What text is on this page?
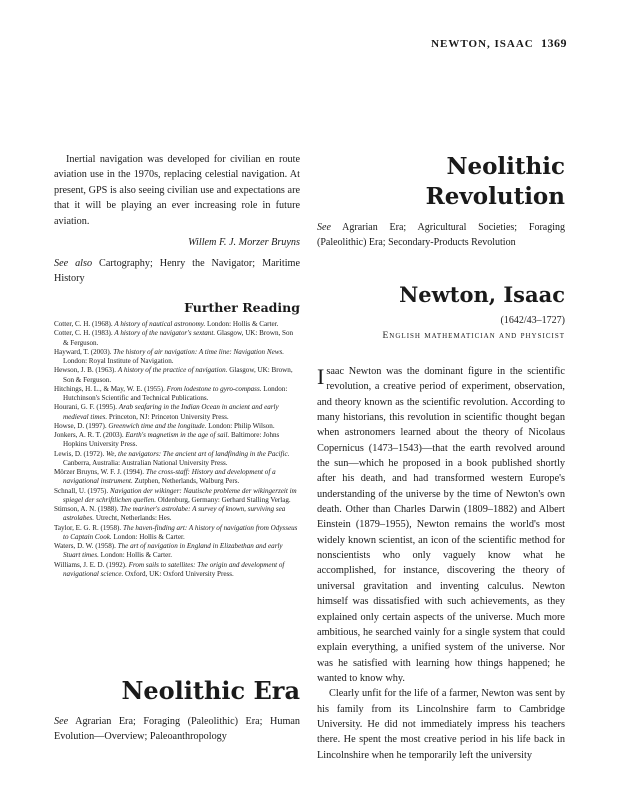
NEWTON, ISAAC 1369

Inertial navigation was developed for civilian en route aviation use in the 1970s, replacing celestial navigation. At present, GPS is also seeing civilian use and expectations are that it will be playing an ever increasing role in future aviation.

Willem F. J. Morzer Bruyns

See also Cartography; Henry the Navigator; Maritime History

Further Reading

Cotter, C. H. (1968). A history of nautical astronomy. London: Hollis & Carter.

Cotter, C. H. (1983). A history of the navigator's sextant. Glasgow, UK: Brown, Son & Ferguson.

Hayward, T. (2003). The history of air navigation: A time line: Navigation News. London: Royal Institute of Navigation.

Hewson, J. B. (1963). A history of the practice of navigation. Glasgow, UK: Brown, Son & Ferguson.

Hitchings, H. L., & May, W. E. (1955). From lodestone to gyro-compass. London: Hutchinson's Scientific and Technical Publications.

Hourani, G. F. (1995). Arab seafaring in the Indian Ocean in ancient and early medieval times. Princeton, NJ: Princeton University Press.

Howse, D. (1997). Greenwich time and the longitude. London: Philip Wilson.

Jonkers, A. R. T. (2003). Earth's magnetism in the age of sail. Baltimore: Johns Hopkins University Press.

Lewis, D. (1972). We, the navigators: The ancient art of landfinding in the Pacific. Canberra, Australia: Australian National University Press.

Mörzer Bruyns, W. F. J. (1994). The cross-staff: History and development of a navigational instrument. Zutphen, Netherlands, Walburg Pers.

Schnall, U. (1975). Navigation der wikinger: Nautische probleme der wikingerzeit im spiegel der schriftlichen quellen. Oldenburg, Germany: Gerhard Stalling Verlag.

Stimson, A. N. (1988). The mariner's astrolabe: A survey of known, surviving sea astrolabes. Utrecht, Netherlands: Hes.

Taylor, E. G. R. (1958). The haven-finding art: A history of navigation from Odysseus to Captain Cook. London: Hollis & Carter.

Waters, D. W. (1958). The art of navigation in England in Elizabethan and early Stuart times. London: Hollis & Carter.

Williams, J. E. D. (1992). From sails to satellites: The origin and development of navigational science. Oxford, UK: Oxford University Press.

Neolithic Era

See Agrarian Era; Foraging (Paleolithic) Era; Human Evolution—Overview; Paleoanthropology

Neolithic
Revolution

See Agrarian Era; Agricultural Societies; Foraging (Paleolithic) Era; Secondary-Products Revolution

Newton, Isaac
(1642/43–1727)
English mathematician and physicist

Isaac Newton was the dominant figure in the scientific revolution, a creative period of experiment, observation, and theory known as the scientific revolution. According to many historians, this revolution in scientific thought began when astronomers learned about the theory of Nicolaus Copernicus (1473–1543)—that the earth revolved around the sun—which he proposed in a book published shortly after his death, and had transformed western Europe's understanding of the universe by the time of Newton's own death. Other than Charles Darwin (1809–1882) and Albert Einstein (1879–1955), Newton remains the world's most widely known scientist, an icon of the scientific method for nonscientists who only vaguely know what he accomplished, for instance, discovering the theory of universal gravitation and inventing calculus. Newton himself was dissatisfied with such achievements, as they explained only certain aspects of the universe. Much more ambitious, he searched vainly for a single system that could explain everything, a unified system of the universe. Nor was he satisfied with learning how things happened; he wanted to know why.

Clearly unfit for the life of a farmer, Newton was sent by his family from its Lincolnshire farm to Cambridge University. He did not immediately impress his teachers there. He spent the most creative period in his life back in Lincolnshire when he temporarily left the university
